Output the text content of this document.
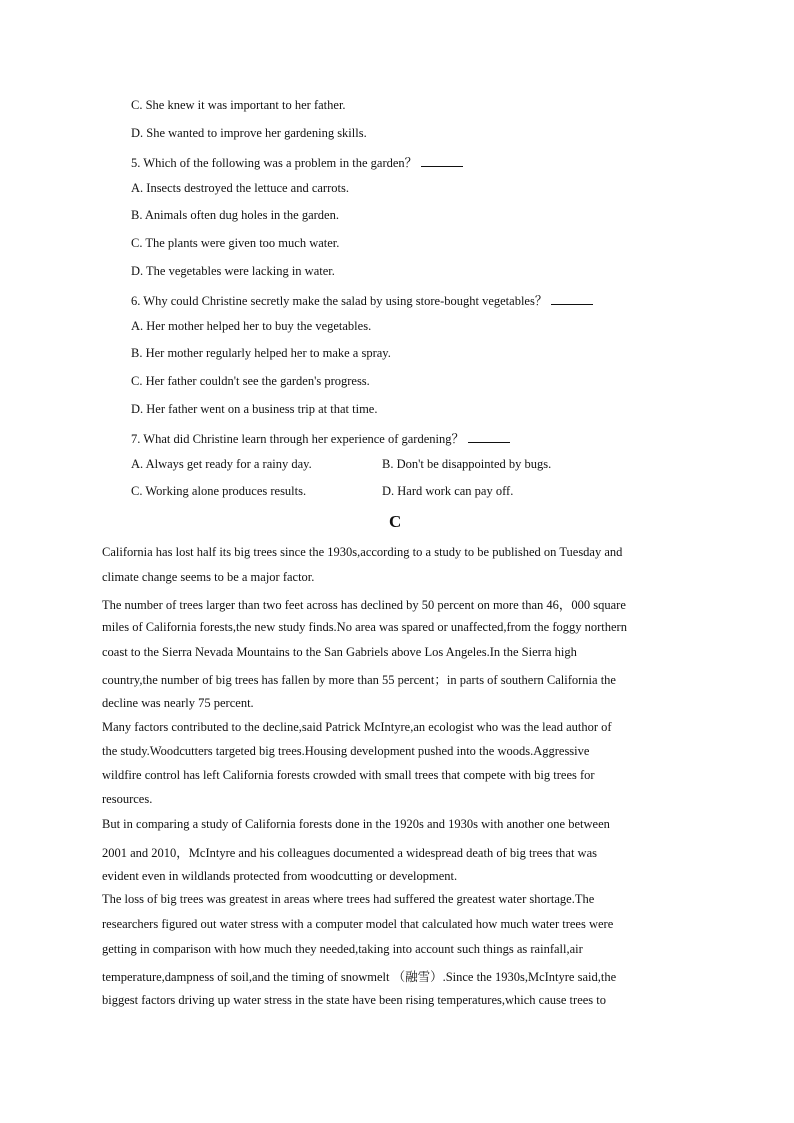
C. She knew it was important to her father.
D. She wanted to improve her gardening skills.
5. Which of the following was a problem in the garden？
A. Insects destroyed the lettuce and carrots.
B. Animals often dug holes in the garden.
C. The plants were given too much water.
D. The vegetables were lacking in water.
6. Why could Christine secretly make the salad by using store-bought vegetables？
A. Her mother helped her to buy the vegetables.
B. Her mother regularly helped her to make a spray.
C. Her father couldn't see the garden's progress.
D. Her father went on a business trip at that time.
7. What did Christine learn through her experience of gardening？
A. Always get ready for a rainy day.	B. Don't be disappointed by bugs.
C. Working alone produces results.	D. Hard work can pay off.
C
California has lost half its big trees since the 1930s,according to a study to be published on Tuesday and
climate change seems to be a major factor.
The number of trees larger than two feet across has declined by 50 percent on more than 46，000 square
miles of California forests,the new study finds.No area was spared or unaffected,from the foggy northern
coast to the Sierra Nevada Mountains to the San Gabriels above Los Angeles.In the Sierra high
country,the number of big trees has fallen by more than 55 percent；in parts of southern California the
decline was nearly 75 percent.
Many factors contributed to the decline,said Patrick McIntyre,an ecologist who was the lead author of
the study.Woodcutters targeted big trees.Housing development pushed into the woods.Aggressive
wildfire control has left California forests crowded with small trees that compete with big trees for
resources.
But in comparing a study of California forests done in the 1920s and 1930s with another one between
2001 and 2010，McIntyre and his colleagues documented a widespread death of big trees that was
evident even in wildlands protected from woodcutting or development.
The loss of big trees was greatest in areas where trees had suffered the greatest water shortage.The
researchers figured out water stress with a computer model that calculated how much water trees were
getting in comparison with how much they needed,taking into account such things as rainfall,air
temperature,dampness of soil,and the timing of snowmelt （融雪）.Since the 1930s,McIntyre said,the
biggest factors driving up water stress in the state have been rising temperatures,which cause trees to
